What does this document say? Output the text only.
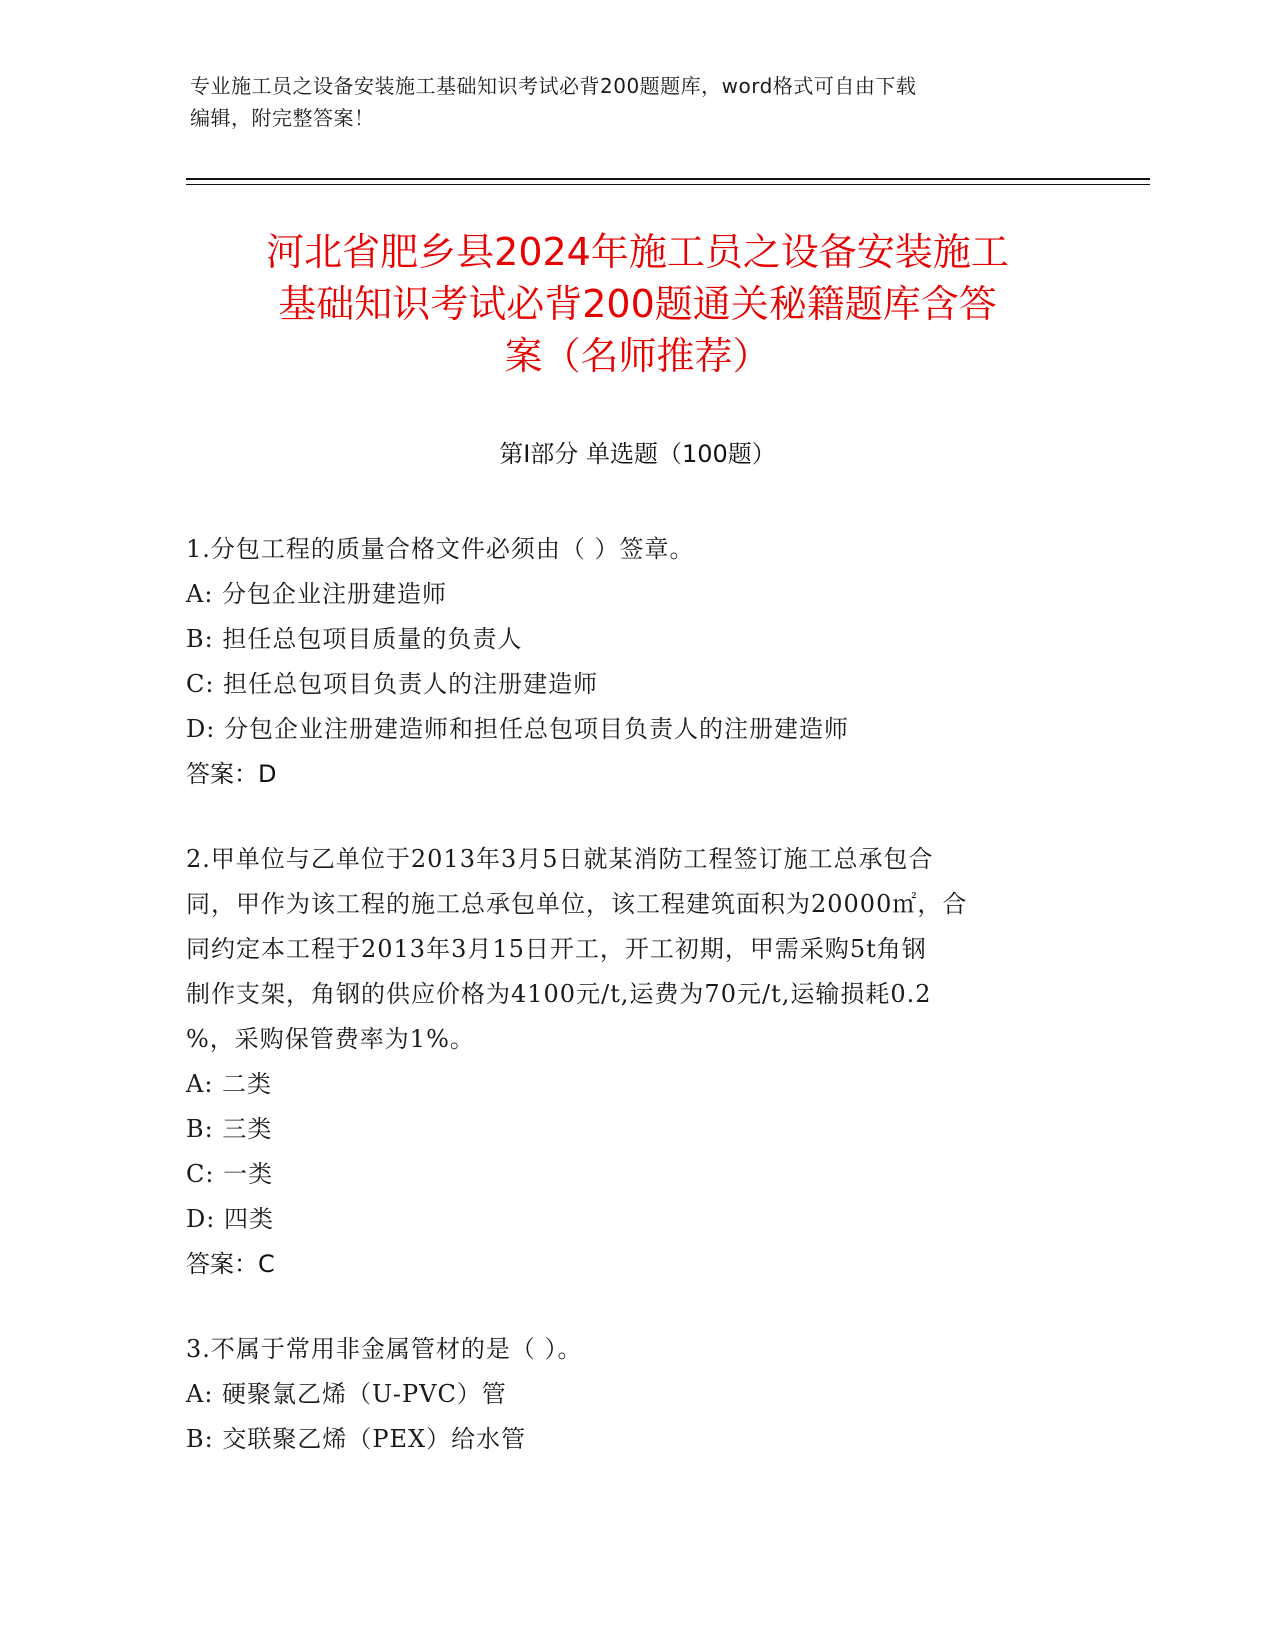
专业施工员之设备安装施工基础知识考试必背200题题库，word格式可自由下载
编辑，附完整答案！
河北省肥乡县2024年施工员之设备安装施工
基础知识考试必背200题通关秘籍题库含答
案（名师推荐）
第Ⅰ部分 单选题（100题）
1.分包工程的质量合格文件必须由（ ）签章。
A: 分包企业注册建造师
B: 担任总包项目质量的负责人
C: 担任总包项目负责人的注册建造师
D: 分包企业注册建造师和担任总包项目负责人的注册建造师
答案：D
2.甲单位与乙单位于2013年3月5日就某消防工程签订施工总承包合
同，甲作为该工程的施工总承包单位，该工程建筑面积为20000㎡，合
同约定本工程于2013年3月15日开工，开工初期，甲需采购5t角钢
制作支架，角钢的供应价格为4100元/t,运费为70元/t,运输损耗0.2
%，采购保管费率为1%。
A: 二类
B: 三类
C: 一类
D: 四类
答案：C
3.不属于常用非金属管材的是（ ）。
A: 硬聚氯乙烯（U-PVC）管
B: 交联聚乙烯（PEX）给水管
